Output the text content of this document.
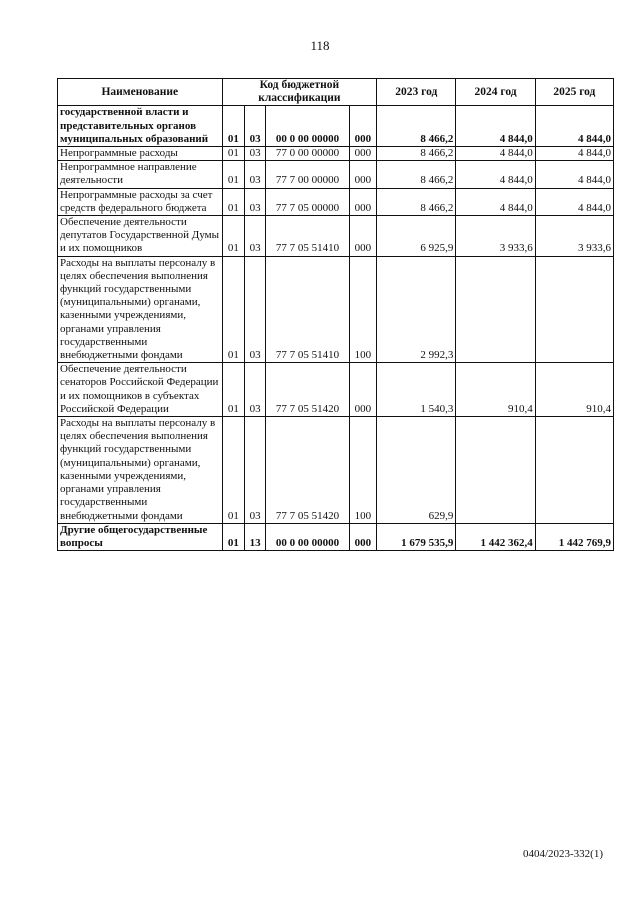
118
Наименование	Код бюджетной классификации				2023 год	2024 год	2025 год
государственной власти и представительных органов муниципальных образований	01	03	00 0 00 00000	000	8 466,2	4 844,0	4 844,0
Непрограммные расходы	01	03	77 0 00 00000	000	8 466,2	4 844,0	4 844,0
Непрограммное направление деятельности	01	03	77 7 00 00000	000	8 466,2	4 844,0	4 844,0
Непрограммные расходы за счет средств федерального бюджета	01	03	77 7 05 00000	000	8 466,2	4 844,0	4 844,0
Обеспечение деятельности депутатов Государственной Думы и их помощников	01	03	77 7 05 51410	000	6 925,9	3 933,6	3 933,6
Расходы на выплаты персоналу в целях обеспечения выполнения функций государственными (муниципальными) органами, казенными учреждениями, органами управления государственными внебюджетными фондами	01	03	77 7 05 51410	100	2 992,3		
Обеспечение деятельности сенаторов Российской Федерации и их помощников в субъектах Российской Федерации	01	03	77 7 05 51420	000	1 540,3	910,4	910,4
Расходы на выплаты персоналу в целях обеспечения выполнения функций государственными (муниципальными) органами, казенными учреждениями, органами управления государственными внебюджетными фондами	01	03	77 7 05 51420	100	629,9		
Другие общегосударственные вопросы	01	13	00 0 00 00000	000	1 679 535,9	1 442 362,4	1 442 769,9
0404/2023-332(1)
